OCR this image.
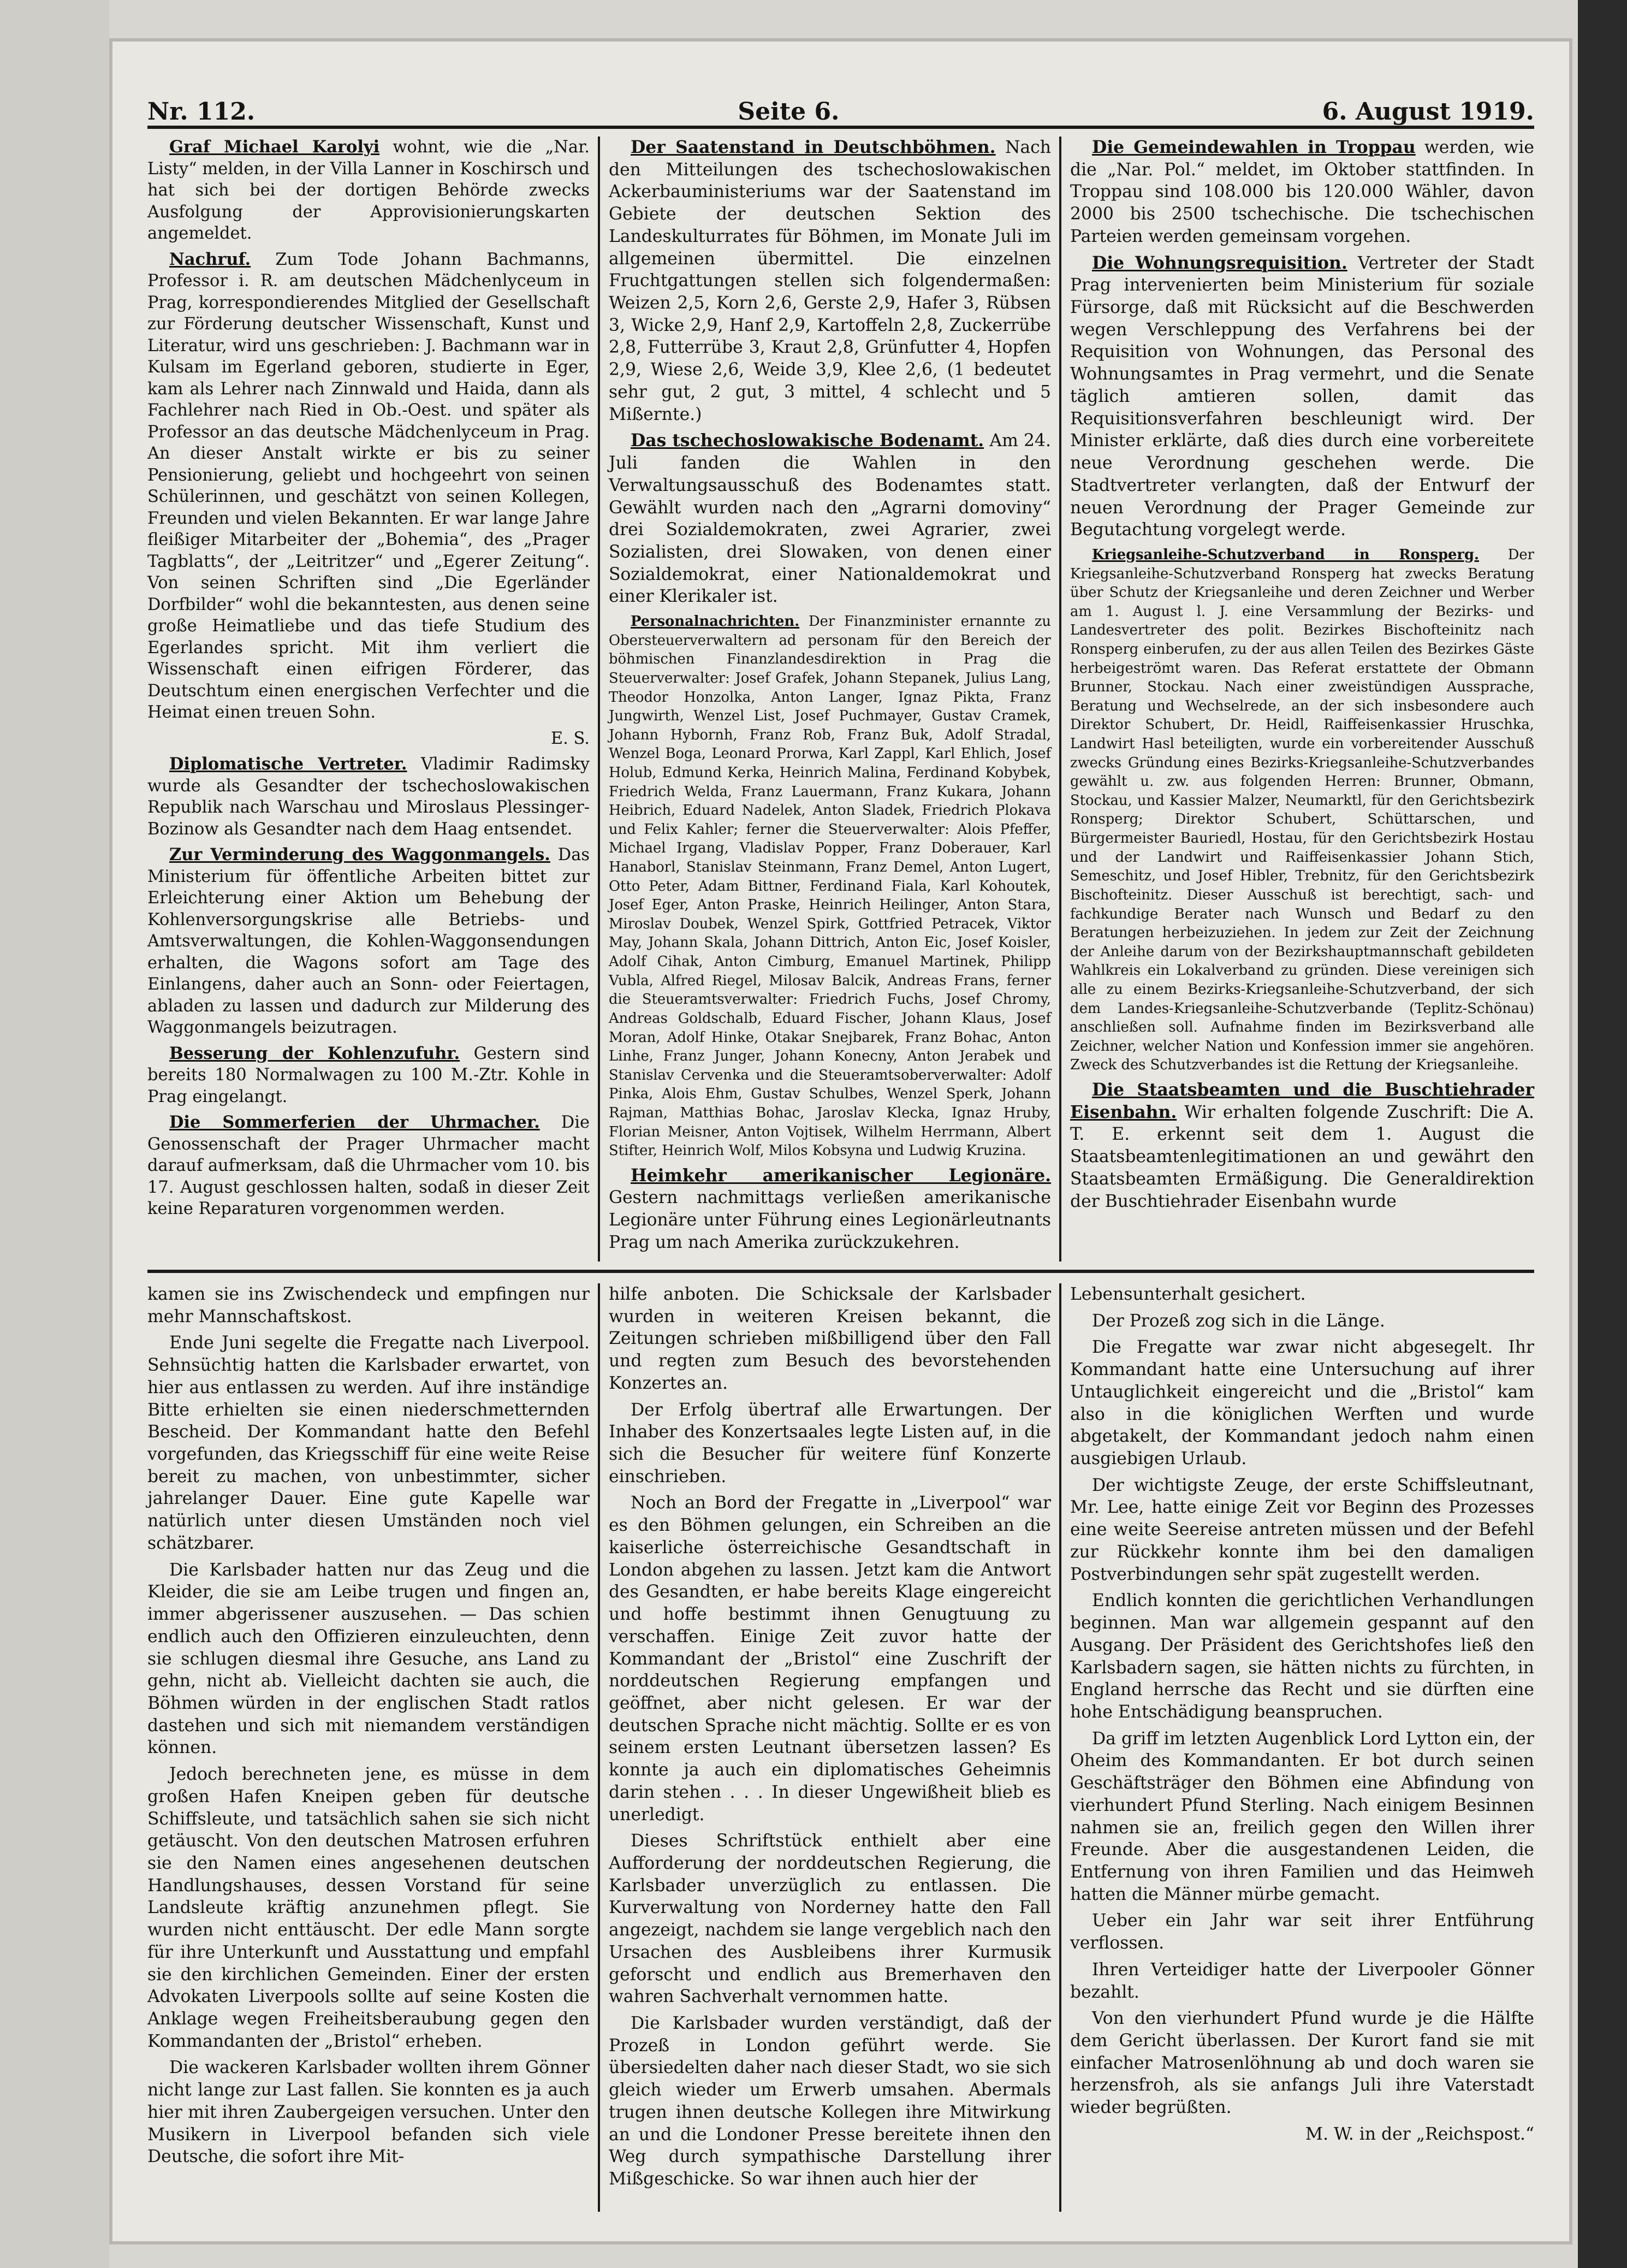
Nr. 112.	Seite 6.	6. August 1919.

Graf Michael Karolyi wohnt, wie die „Nar. Listy“ melden, in der Villa Lanner in Koschirsch und hat sich bei der dortigen Behörde zwecks Ausfolgung der Approvisionierungskarten angemeldet.

Nachruf. Zum Tode Johann Bachmanns, Professor i. R. am deutschen Mädchenlyceum in Prag, korrespondierendes Mitglied der Gesellschaft zur Förderung deutscher Wissenschaft, Kunst und Literatur, wird uns geschrieben: J. Bachmann war in Kulsam im Egerland geboren, studierte in Eger, kam als Lehrer nach Zinnwald und Haida, dann als Fachlehrer nach Ried in Ob.-Oest. und später als Professor an das deutsche Mädchenlyceum in Prag. An dieser Anstalt wirkte er bis zu seiner Pensionierung, geliebt und hochgeehrt von seinen Schülerinnen, und geschätzt von seinen Kollegen, Freunden und vielen Bekannten. Er war lange Jahre fleißiger Mitarbeiter der „Bohemia“, des „Prager Tagblatts“, der „Leitritzer“ und „Egerer Zeitung“. Von seinen Schriften sind „Die Egerländer Dorfbilder“ wohl die bekanntesten, aus denen seine große Heimatliebe und das tiefe Studium des Egerlandes spricht. Mit ihm verliert die Wissenschaft einen eifrigen Förderer, das Deutschtum einen energischen Verfechter und die Heimat einen treuen Sohn.

E. S.

Diplomatische Vertreter. Vladimir Radimsky wurde als Gesandter der tschechoslowakischen Republik nach Warschau und Miroslaus Plessinger-Bozinow als Gesandter nach dem Haag entsendet.

Zur Verminderung des Waggonmangels. Das Ministerium für öffentliche Arbeiten bittet zur Erleichterung einer Aktion um Behebung der Kohlenversorgungskrise alle Betriebs- und Amtsverwaltungen, die Kohlen-Waggonsendungen erhalten, die Wagons sofort am Tage des Einlangens, daher auch an Sonn- oder Feiertagen, abladen zu lassen und dadurch zur Milderung des Waggonmangels beizutragen.

Besserung der Kohlenzufuhr. Gestern sind bereits 180 Normalwagen zu 100 M.-Ztr. Kohle in Prag eingelangt.

Die Sommerferien der Uhrmacher. Die Genossenschaft der Prager Uhrmacher macht darauf aufmerksam, daß die Uhrmacher vom 10. bis 17. August geschlossen halten, sodaß in dieser Zeit keine Reparaturen vorgenommen werden.

Der Saatenstand in Deutschböhmen. Nach den Mitteilungen des tschechoslowakischen Ackerbauministeriums war der Saatenstand im Gebiete der deutschen Sektion des Landeskulturrates für Böhmen, im Monate Juli im allgemeinen übermittel. Die einzelnen Fruchtgattungen stellen sich folgendermaßen: Weizen 2,5, Korn 2,6, Gerste 2,9, Hafer 3, Rübsen 3, Wicke 2,9, Hanf 2,9, Kartoffeln 2,8, Zuckerrübe 2,8, Futterrübe 3, Kraut 2,8, Grünfutter 4, Hopfen 2,9, Wiese 2,6, Weide 3,9, Klee 2,6, (1 bedeutet sehr gut, 2 gut, 3 mittel, 4 schlecht und 5 Mißernte.)

Das tschechoslowakische Bodenamt. Am 24. Juli fanden die Wahlen in den Verwaltungsausschuß des Bodenamtes statt. Gewählt wurden nach den „Agrarni domoviny“ drei Sozialdemokraten, zwei Agrarier, zwei Sozialisten, drei Slowaken, von denen einer Sozialdemokrat, einer Nationaldemokrat und einer Klerikaler ist.

Personalnachrichten. Der Finanzminister ernannte zu Obersteuerverwaltern ad personam für den Bereich der böhmischen Finanzlandesdirektion in Prag die Steuerverwalter: Josef Grafek, Johann Stepanek, Julius Lang, Theodor Honzolka, Anton Langer, Ignaz Pikta, Franz Jungwirth, Wenzel List, Josef Puchmayer, Gustav Cramek, Johann Hybornh, Franz Rob, Franz Buk, Adolf Stradal, Wenzel Boga, Leonard Prorwa, Karl Zappl, Karl Ehlich, Josef Holub, Edmund Kerka, Heinrich Malina, Ferdinand Kobybek, Friedrich Welda, Franz Lauermann, Franz Kukara, Johann Heibrich, Eduard Nadelek, Anton Sladek, Friedrich Plokava und Felix Kahler; ferner die Steuerverwalter: Alois Pfeffer, Michael Irgang, Vladislav Popper, Franz Doberauer, Karl Hanaborl, Stanislav Steinmann, Franz Demel, Anton Lugert, Otto Peter, Adam Bittner, Ferdinand Fiala, Karl Kohoutek, Josef Eger, Anton Praske, Heinrich Heilinger, Anton Stara, Miroslav Doubek, Wenzel Spirk, Gottfried Petracek, Viktor May, Johann Skala, Johann Dittrich, Anton Eic, Josef Koisler, Adolf Cihak, Anton Cimburg, Emanuel Martinek, Philipp Vubla, Alfred Riegel, Milosav Balcik, Andreas Frans, ferner die Steueramtsverwalter: Friedrich Fuchs, Josef Chromy, Andreas Goldschalb, Eduard Fischer, Johann Klaus, Josef Moran, Adolf Hinke, Otakar Snejbarek, Franz Bohac, Anton Linhe, Franz Junger, Johann Konecny, Anton Jerabek und Stanislav Cervenka und die Steueramtsoberverwalter: Adolf Pinka, Alois Ehm, Gustav Schulbes, Wenzel Sperk, Johann Rajman, Matthias Bohac, Jaroslav Klecka, Ignaz Hruby, Florian Meisner, Anton Vojtisek, Wilhelm Herrmann, Albert Stifter, Heinrich Wolf, Milos Kobsyna und Ludwig Kruzina.

Heimkehr amerikanischer Legionäre. Gestern nachmittags verließen amerikanische Legionäre unter Führung eines Legionärleutnants Prag um nach Amerika zurückzukehren.

Die Gemeindewahlen in Troppau werden, wie die „Nar. Pol.“ meldet, im Oktober stattfinden. In Troppau sind 108.000 bis 120.000 Wähler, davon 2000 bis 2500 tschechische. Die tschechischen Parteien werden gemeinsam vorgehen.

Die Wohnungsrequisition. Vertreter der Stadt Prag intervenierten beim Ministerium für soziale Fürsorge, daß mit Rücksicht auf die Beschwerden wegen Verschleppung des Verfahrens bei der Requisition von Wohnungen, das Personal des Wohnungsamtes in Prag vermehrt, und die Senate täglich amtieren sollen, damit das Requisitionsverfahren beschleunigt wird. Der Minister erklärte, daß dies durch eine vorbereitete neue Verordnung geschehen werde. Die Stadtvertreter verlangten, daß der Entwurf der neuen Verordnung der Prager Gemeinde zur Begutachtung vorgelegt werde.

Kriegsanleihe-Schutzverband in Ronsperg. Der Kriegsanleihe-Schutzverband Ronsperg hat zwecks Beratung über Schutz der Kriegsanleihe und deren Zeichner und Werber am 1. August l. J. eine Versammlung der Bezirks- und Landesvertreter des polit. Bezirkes Bischofteinitz nach Ronsperg einberufen, zu der aus allen Teilen des Bezirkes Gäste herbeigeströmt waren. Das Referat erstattete der Obmann Brunner, Stockau. Nach einer zweistündigen Aussprache, Beratung und Wechselrede, an der sich insbesondere auch Direktor Schubert, Dr. Heidl, Raiffeisenkassier Hruschka, Landwirt Hasl beteiligten, wurde ein vorbereitender Ausschuß zwecks Gründung eines Bezirks-Kriegsanleihe-Schutzverbandes gewählt u. zw. aus folgenden Herren: Brunner, Obmann, Stockau, und Kassier Malzer, Neumarktl, für den Gerichtsbezirk Ronsperg; Direktor Schubert, Schüttarschen, und Bürgermeister Bauriedl, Hostau, für den Gerichtsbezirk Hostau und der Landwirt und Raiffeisenkassier Johann Stich, Semeschitz, und Josef Hibler, Trebnitz, für den Gerichtsbezirk Bischofteinitz. Dieser Ausschuß ist berechtigt, sach- und fachkundige Berater nach Wunsch und Bedarf zu den Beratungen herbeizuziehen. In jedem zur Zeit der Zeichnung der Anleihe darum von der Bezirkshauptmannschaft gebildeten Wahlkreis ein Lokalverband zu gründen. Diese vereinigen sich alle zu einem Bezirks-Kriegsanleihe-Schutzverband, der sich dem Landes-Kriegsanleihe-Schutzverbande (Teplitz-Schönau) anschließen soll. Aufnahme finden im Bezirksverband alle Zeichner, welcher Nation und Konfession immer sie angehören. Zweck des Schutzverbandes ist die Rettung der Kriegsanleihe.

Die Staatsbeamten und die Buschtiehrader Eisenbahn. Wir erhalten folgende Zuschrift: Die A. T. E. erkennt seit dem 1. August die Staatsbeamtenlegitimationen an und gewährt den Staatsbeamten Ermäßigung. Die Generaldirektion der Buschtiehrader Eisenbahn wurde

kamen sie ins Zwischendeck und empfingen nur mehr Mannschaftskost.

Ende Juni segelte die Fregatte nach Liverpool. Sehnsüchtig hatten die Karlsbader erwartet, von hier aus entlassen zu werden. Auf ihre inständige Bitte erhielten sie einen niederschmetternden Bescheid. Der Kommandant hatte den Befehl vorgefunden, das Kriegsschiff für eine weite Reise bereit zu machen, von unbestimmter, sicher jahrelanger Dauer. Eine gute Kapelle war natürlich unter diesen Umständen noch viel schätzbarer.

Die Karlsbader hatten nur das Zeug und die Kleider, die sie am Leibe trugen und fingen an, immer abgerissener auszusehen. — Das schien endlich auch den Offizieren einzuleuchten, denn sie schlugen diesmal ihre Gesuche, ans Land zu gehn, nicht ab. Vielleicht dachten sie auch, die Böhmen würden in der englischen Stadt ratlos dastehen und sich mit niemandem verständigen können.

Jedoch berechneten jene, es müsse in dem großen Hafen Kneipen geben für deutsche Schiffsleute, und tatsächlich sahen sie sich nicht getäuscht. Von den deutschen Matrosen erfuhren sie den Namen eines angesehenen deutschen Handlungshauses, dessen Vorstand für seine Landsleute kräftig anzunehmen pflegt. Sie wurden nicht enttäuscht. Der edle Mann sorgte für ihre Unterkunft und Ausstattung und empfahl sie den kirchlichen Gemeinden. Einer der ersten Advokaten Liverpools sollte auf seine Kosten die Anklage wegen Freiheitsberaubung gegen den Kommandanten der „Bristol“ erheben.

Die wackeren Karlsbader wollten ihrem Gönner nicht lange zur Last fallen. Sie konnten es ja auch hier mit ihren Zaubergeigen versuchen. Unter den Musikern in Liverpool befanden sich viele Deutsche, die sofort ihre Mit-

hilfe anboten. Die Schicksale der Karlsbader wurden in weiteren Kreisen bekannt, die Zeitungen schrieben mißbilligend über den Fall und regten zum Besuch des bevorstehenden Konzertes an.

Der Erfolg übertraf alle Erwartungen. Der Inhaber des Konzertsaales legte Listen auf, in die sich die Besucher für weitere fünf Konzerte einschrieben.

Noch an Bord der Fregatte in „Liverpool“ war es den Böhmen gelungen, ein Schreiben an die kaiserliche österreichische Gesandtschaft in London abgehen zu lassen. Jetzt kam die Antwort des Gesandten, er habe bereits Klage eingereicht und hoffe bestimmt ihnen Genugtuung zu verschaffen. Einige Zeit zuvor hatte der Kommandant der „Bristol“ eine Zuschrift der norddeutschen Regierung empfangen und geöffnet, aber nicht gelesen. Er war der deutschen Sprache nicht mächtig. Sollte er es von seinem ersten Leutnant übersetzen lassen? Es konnte ja auch ein diplomatisches Geheimnis darin stehen . . . In dieser Ungewißheit blieb es unerledigt.

Dieses Schriftstück enthielt aber eine Aufforderung der norddeutschen Regierung, die Karlsbader unverzüglich zu entlassen. Die Kurverwaltung von Norderney hatte den Fall angezeigt, nachdem sie lange vergeblich nach den Ursachen des Ausbleibens ihrer Kurmusik geforscht und endlich aus Bremerhaven den wahren Sachverhalt vernommen hatte.

Die Karlsbader wurden verständigt, daß der Prozeß in London geführt werde. Sie übersiedelten daher nach dieser Stadt, wo sie sich gleich wieder um Erwerb umsahen. Abermals trugen ihnen deutsche Kollegen ihre Mitwirkung an und die Londoner Presse bereitete ihnen den Weg durch sympathische Darstellung ihrer Mißgeschicke. So war ihnen auch hier der

Lebensunterhalt gesichert.

Der Prozeß zog sich in die Länge.

Die Fregatte war zwar nicht abgesegelt. Ihr Kommandant hatte eine Untersuchung auf ihrer Untauglichkeit eingereicht und die „Bristol“ kam also in die königlichen Werften und wurde abgetakelt, der Kommandant jedoch nahm einen ausgiebigen Urlaub.

Der wichtigste Zeuge, der erste Schiffsleutnant, Mr. Lee, hatte einige Zeit vor Beginn des Prozesses eine weite Seereise antreten müssen und der Befehl zur Rückkehr konnte ihm bei den damaligen Postverbindungen sehr spät zugestellt werden.

Endlich konnten die gerichtlichen Verhandlungen beginnen. Man war allgemein gespannt auf den Ausgang. Der Präsident des Gerichtshofes ließ den Karlsbadern sagen, sie hätten nichts zu fürchten, in England herrsche das Recht und sie dürften eine hohe Entschädigung beanspruchen.

Da griff im letzten Augenblick Lord Lytton ein, der Oheim des Kommandanten. Er bot durch seinen Geschäftsträger den Böhmen eine Abfindung von vierhundert Pfund Sterling. Nach einigem Besinnen nahmen sie an, freilich gegen den Willen ihrer Freunde. Aber die ausgestandenen Leiden, die Entfernung von ihren Familien und das Heimweh hatten die Männer mürbe gemacht.

Ueber ein Jahr war seit ihrer Entführung verflossen.

Ihren Verteidiger hatte der Liverpooler Gönner bezahlt.

Von den vierhundert Pfund wurde je die Hälfte dem Gericht überlassen. Der Kurort fand sie mit einfacher Matrosenlöhnung ab und doch waren sie herzensfroh, als sie anfangs Juli ihre Vaterstadt wieder begrüßten.

M. W. in der „Reichspost.“
